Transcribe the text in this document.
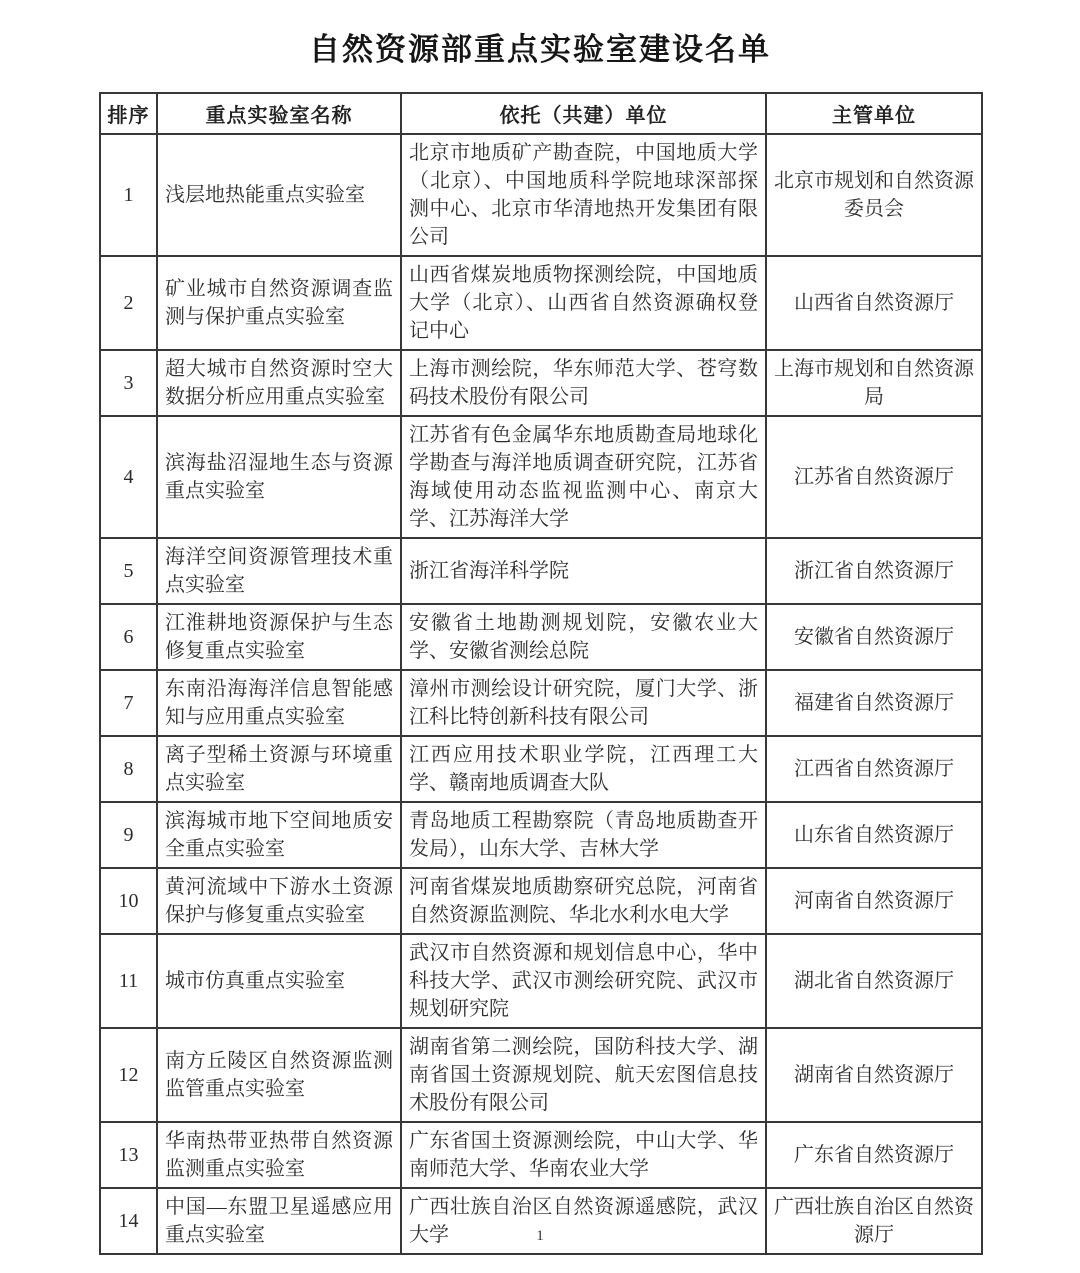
自然资源部重点实验室建设名单
排序	重点实验室名称	依托（共建）单位	主管单位
1	浅层地热能重点实验室	北京市地质矿产勘查院，中国地质大学（北京）、中国地质科学院地球深部探测中心、北京市华清地热开发集团有限公司	北京市规划和自然资源委员会
2	矿业城市自然资源调查监测与保护重点实验室	山西省煤炭地质物探测绘院，中国地质大学（北京）、山西省自然资源确权登记中心	山西省自然资源厅
3	超大城市自然资源时空大数据分析应用重点实验室	上海市测绘院，华东师范大学、苍穹数码技术股份有限公司	上海市规划和自然资源局
4	滨海盐沼湿地生态与资源重点实验室	江苏省有色金属华东地质勘查局地球化学勘查与海洋地质调查研究院，江苏省海域使用动态监视监测中心、南京大学、江苏海洋大学	江苏省自然资源厅
5	海洋空间资源管理技术重点实验室	浙江省海洋科学院	浙江省自然资源厅
6	江淮耕地资源保护与生态修复重点实验室	安徽省土地勘测规划院，安徽农业大学、安徽省测绘总院	安徽省自然资源厅
7	东南沿海海洋信息智能感知与应用重点实验室	漳州市测绘设计研究院，厦门大学、浙江科比特创新科技有限公司	福建省自然资源厅
8	离子型稀土资源与环境重点实验室	江西应用技术职业学院，江西理工大学、赣南地质调查大队	江西省自然资源厅
9	滨海城市地下空间地质安全重点实验室	青岛地质工程勘察院（青岛地质勘查开发局），山东大学、吉林大学	山东省自然资源厅
10	黄河流域中下游水土资源保护与修复重点实验室	河南省煤炭地质勘察研究总院，河南省自然资源监测院、华北水利水电大学	河南省自然资源厅
11	城市仿真重点实验室	武汉市自然资源和规划信息中心，华中科技大学、武汉市测绘研究院、武汉市规划研究院	湖北省自然资源厅
12	南方丘陵区自然资源监测监管重点实验室	湖南省第二测绘院，国防科技大学、湖南省国土资源规划院、航天宏图信息技术股份有限公司	湖南省自然资源厅
13	华南热带亚热带自然资源监测重点实验室	广东省国土资源测绘院，中山大学、华南师范大学、华南农业大学	广东省自然资源厅
14	中国—东盟卫星遥感应用重点实验室	广西壮族自治区自然资源遥感院，武汉大学	广西壮族自治区自然资源厅
1
